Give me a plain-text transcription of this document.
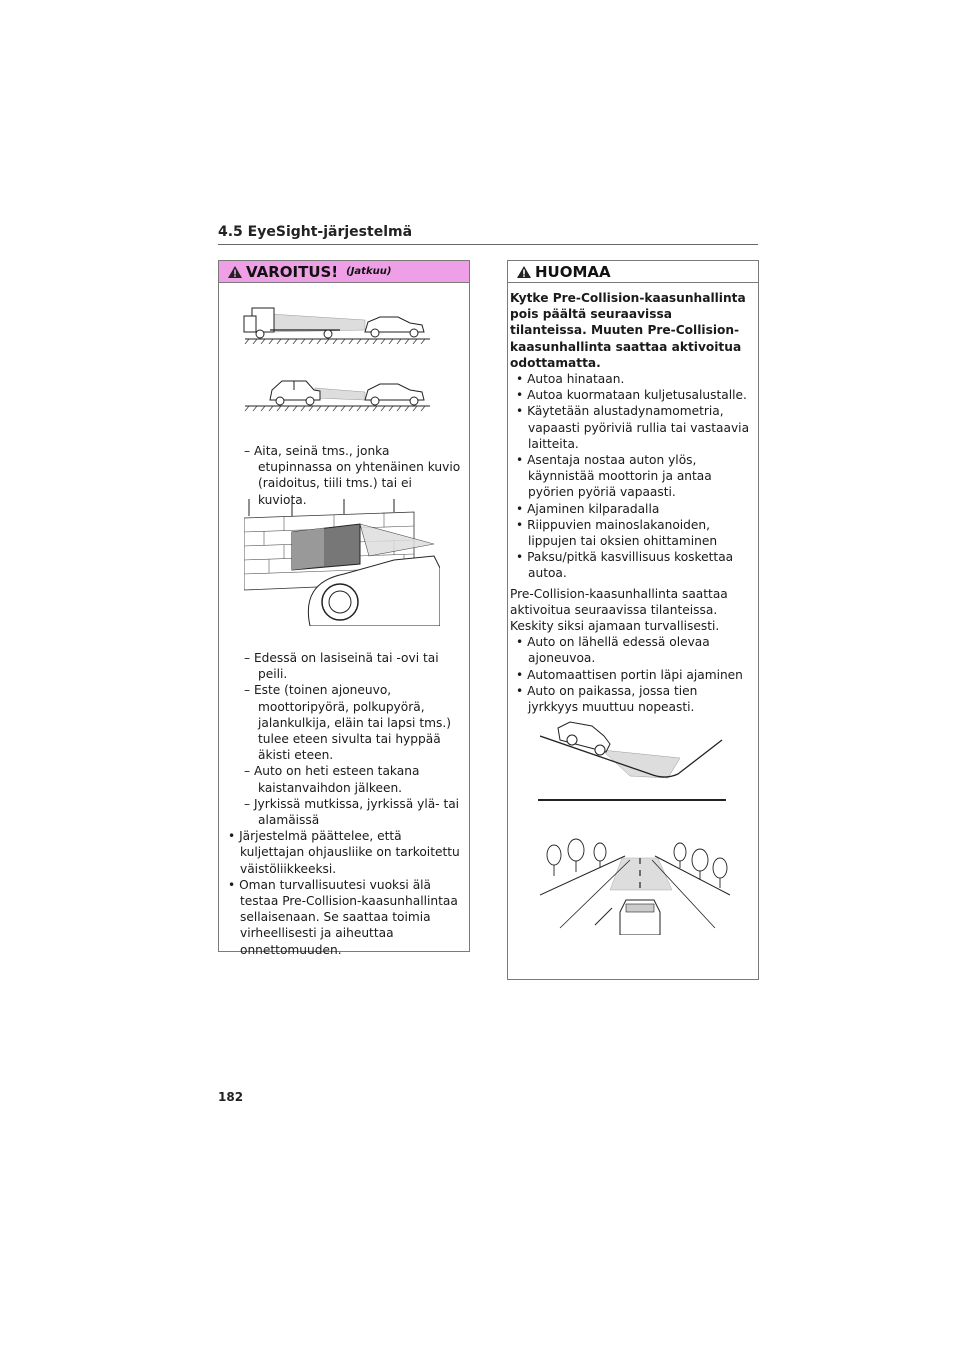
4.5 EyeSight-järjestelmä
VAROITUS! (Jatkuu)
– Aita, seinä tms., jonka etupinnassa on yhtenäinen kuvio (raidoitus, tiili tms.) tai ei kuviota.
– Edessä on lasiseinä tai -ovi tai peili.
– Este (toinen ajoneuvo, moottoripyörä, polkupyörä, jalankulkija, eläin tai lapsi tms.) tulee eteen sivulta tai hyppää äkisti eteen.
– Auto on heti esteen takana kaistanvaihdon jälkeen.
– Jyrkissä mutkissa, jyrkissä ylä- tai alamäissä
• Järjestelmä päättelee, että kuljettajan ohjausliike on tarkoitettu väistöliikkeeksi.
• Oman turvallisuutesi vuoksi älä testaa Pre-Collision-kaasunhallintaa sellaisenaan. Se saattaa toimia virheellisesti ja aiheuttaa onnettomuuden.
HUOMAA
Kytke Pre-Collision-kaasunhallinta pois päältä seuraavissa tilanteissa. Muuten Pre-Collision-kaasunhallinta saattaa aktivoitua odottamatta.
• Autoa hinataan.
• Autoa kuormataan kuljetusalustalle.
• Käytetään alustadynamometria, vapaasti pyöriviä rullia tai vastaavia laitteita.
• Asentaja nostaa auton ylös, käynnistää moottorin ja antaa pyörien pyöriä vapaasti.
• Ajaminen kilparadalla
• Riippuvien mainoslakanoiden, lippujen tai oksien ohittaminen
• Paksu/pitkä kasvillisuus koskettaa autoa.
Pre-Collision-kaasunhallinta saattaa aktivoitua seuraavissa tilanteissa. Keskity siksi ajamaan turvallisesti.
• Auto on lähellä edessä olevaa ajoneuvoa.
• Automaattisen portin läpi ajaminen
• Auto on paikassa, jossa tien jyrkkyys muuttuu nopeasti.
182
